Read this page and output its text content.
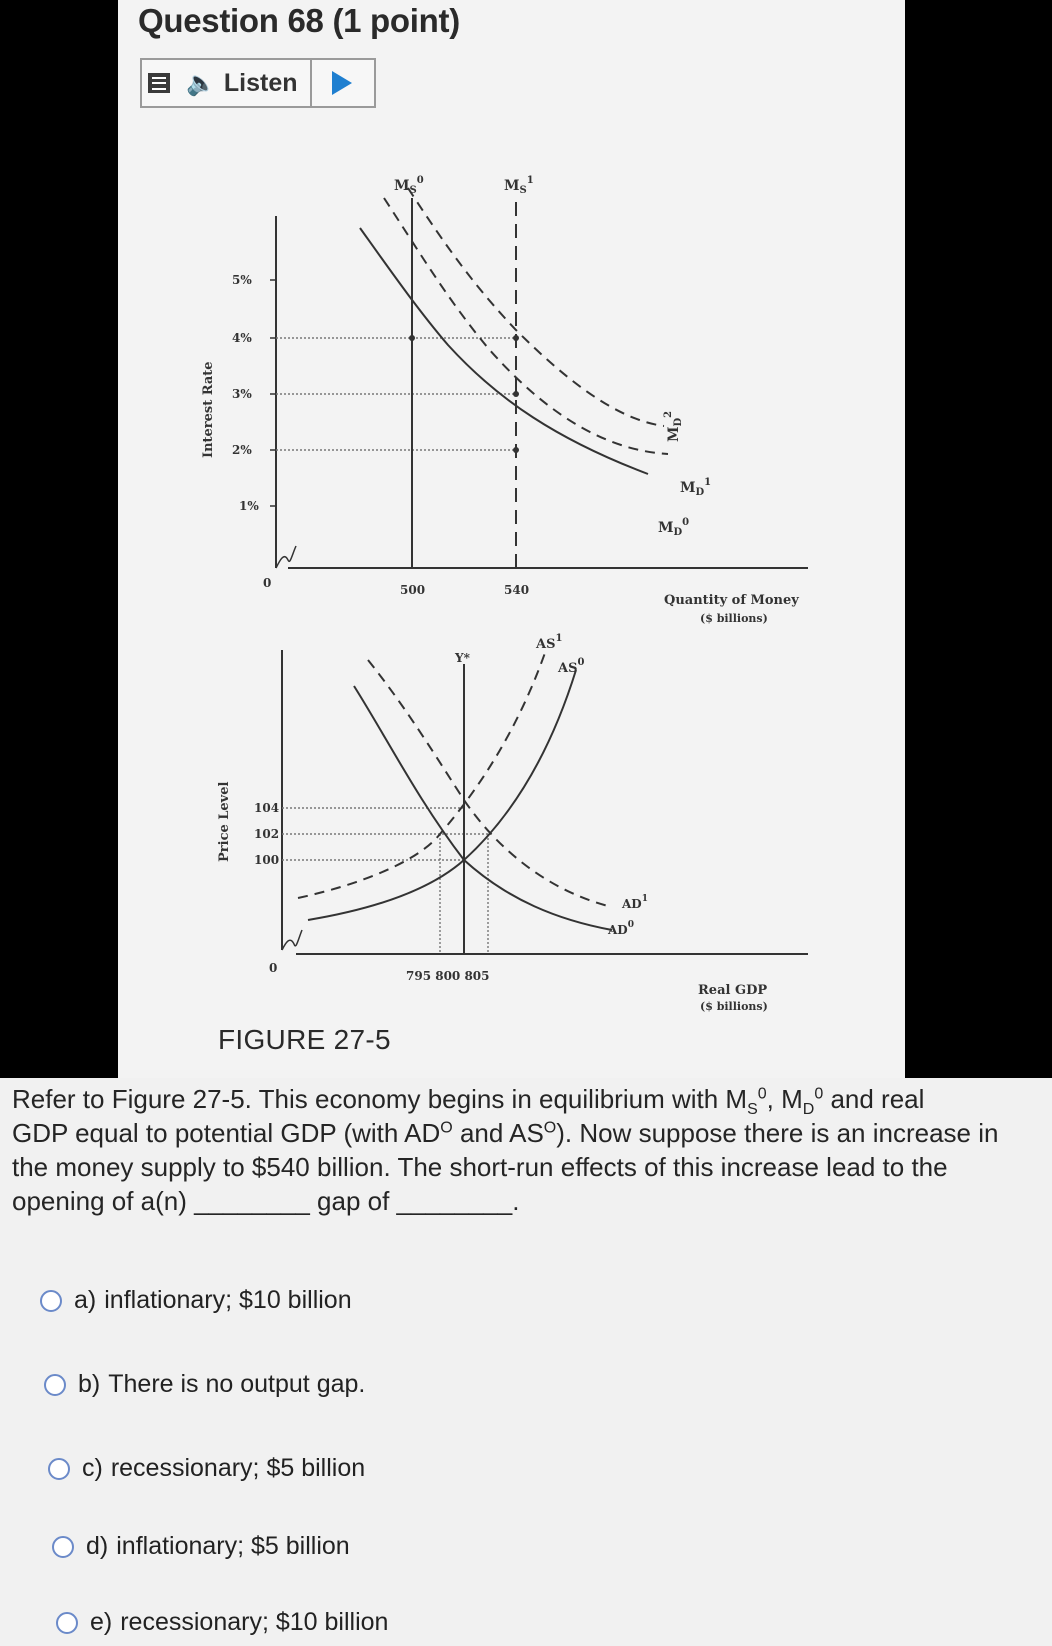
Question 68 (1 point)
🔈 Listen
5%
4%
3%
2%
1%
0
Interest Rate
$M_S^0$	$M_S^1$
500	540
$M_D^2$
$M_D^1$
$M_D^0$
Quantity of Money
($ billions)
104
102
100
0
Price Level
Y*
$AS^1$
$AS^0$
$AD^1$
$AD^0$
795 800 805
Real GDP
($ billions)
FIGURE 27-5
Refer to Figure 27-5. This economy begins in equilibrium with $M_S^0$, $M_D^0$ and real
GDP equal to potential GDP (with $AD^O$ and $AS^O$). Now suppose there is an increase in
the money supply to $540 billion. The short-run effects of this increase lead to the
opening of a(n) ________ gap of ________.
a) inflationary; $10 billion
b) There is no output gap.
c) recessionary; $5 billion
d) inflationary; $5 billion
e) recessionary; $10 billion
